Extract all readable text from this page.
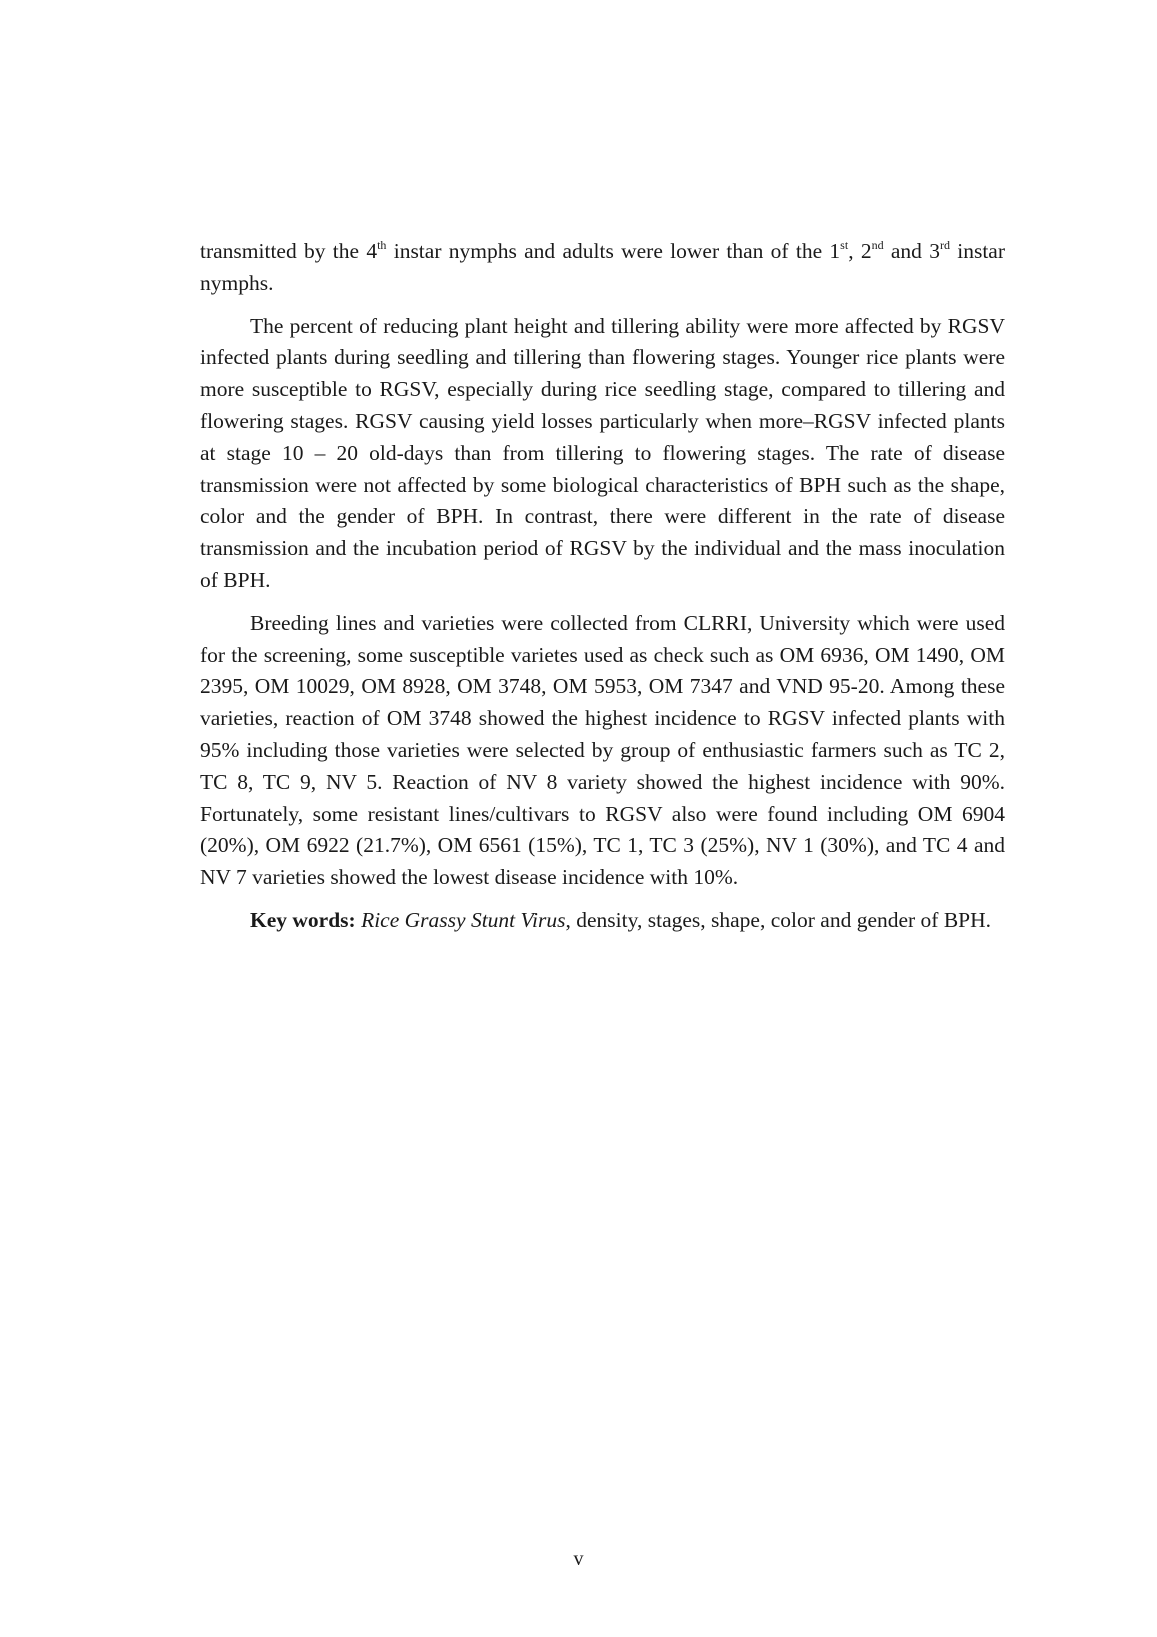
transmitted by the 4th instar nymphs and adults were lower than of the 1st, 2nd and 3rd instar nymphs.

The percent of reducing plant height and tillering ability were more affected by RGSV infected plants during seedling and tillering than flowering stages. Younger rice plants were more susceptible to RGSV, especially during rice seedling stage, compared to tillering and flowering stages. RGSV causing yield losses particularly when more–RGSV infected plants at stage 10 – 20 old-days than from tillering to flowering stages. The rate of disease transmission were not affected by some biological characteristics of BPH such as the shape, color and the gender of BPH. In contrast, there were different in the rate of disease transmission and the incubation period of RGSV by the individual and the mass inoculation of BPH.

Breeding lines and varieties were collected from CLRRI, University which were used for the screening, some susceptible varietes used as check such as OM 6936, OM 1490, OM 2395, OM 10029, OM 8928, OM 3748, OM 5953, OM 7347 and VND 95-20. Among these varieties, reaction of OM 3748 showed the highest incidence to RGSV infected plants with 95% including those varieties were selected by group of enthusiastic farmers such as TC 2, TC 8, TC 9, NV 5. Reaction of NV 8 variety showed the highest incidence with 90%. Fortunately, some resistant lines/cultivars to RGSV also were found including OM 6904 (20%), OM 6922 (21.7%), OM 6561 (15%), TC 1, TC 3 (25%), NV 1 (30%), and TC 4 and NV 7 varieties showed the lowest disease incidence with 10%.

Key words: Rice Grassy Stunt Virus, density, stages, shape, color and gender of BPH.

v
